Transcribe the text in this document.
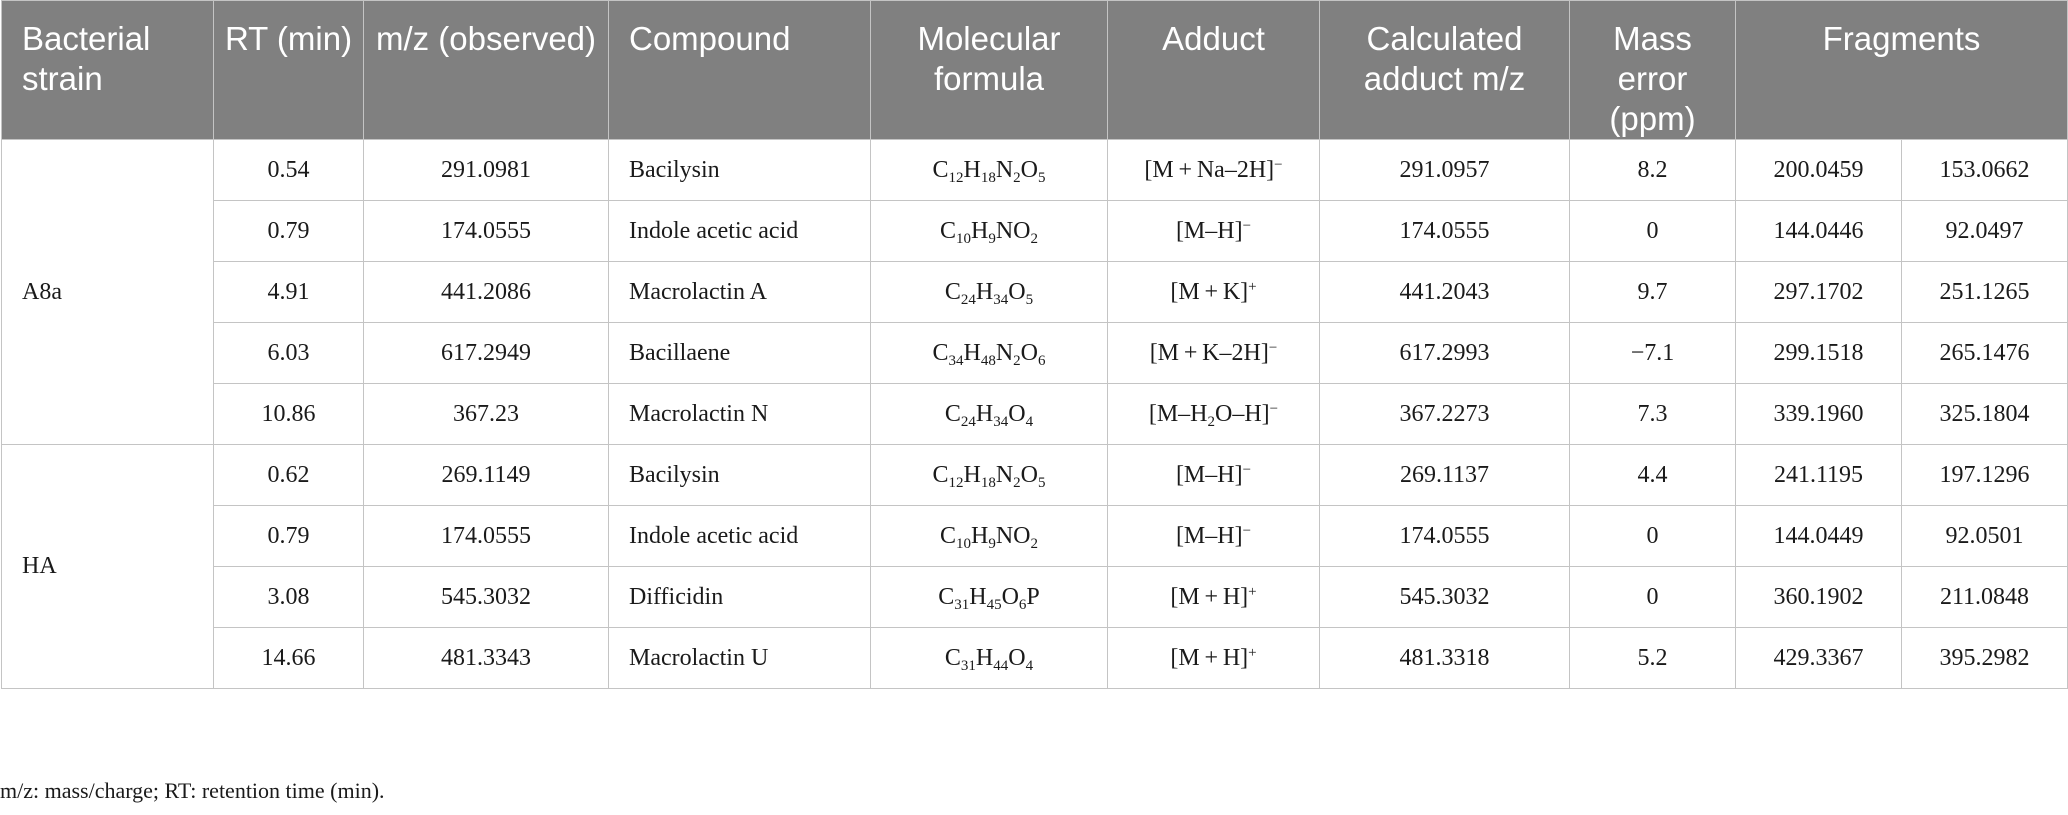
Bacterial strain	RT (min)	m/z (observed)	Compound	Molecular formula	Adduct	Calculated adduct m/z	Mass error (ppm)	Fragments	
A8a	0.54	291.0981	Bacilysin	$C_{12}H_{18}N_2O_5$	[M + Na–2H]−	291.0957	8.2	200.0459	153.0662
	0.79	174.0555	Indole acetic acid	$C_{10}H_9NO_2$	[M–H]−	174.0555	0	144.0446	92.0497
	4.91	441.2086	Macrolactin A	$C_{24}H_{34}O_5$	[M + K]+	441.2043	9.7	297.1702	251.1265
	6.03	617.2949	Bacillaene	$C_{34}H_{48}N_2O_6$	[M + K–2H]−	617.2993	−7.1	299.1518	265.1476
	10.86	367.23	Macrolactin N	$C_{24}H_{34}O_4$	$[M-H_2O-H]^-$	367.2273	7.3	339.1960	325.1804
HA	0.62	269.1149	Bacilysin	$C_{12}H_{18}N_2O_5$	[M–H]−	269.1137	4.4	241.1195	197.1296
	0.79	174.0555	Indole acetic acid	$C_{10}H_9NO_2$	[M–H]−	174.0555	0	144.0449	92.0501
	3.08	545.3032	Difficidin	$C_{31}H_{45}O_6P$	[M + H]+	545.3032	0	360.1902	211.0848
	14.66	481.3343	Macrolactin U	$C_{31}H_{44}O_4$	[M + H]+	481.3318	5.2	429.3367	395.2982
m/z: mass/charge; RT: retention time (min).
